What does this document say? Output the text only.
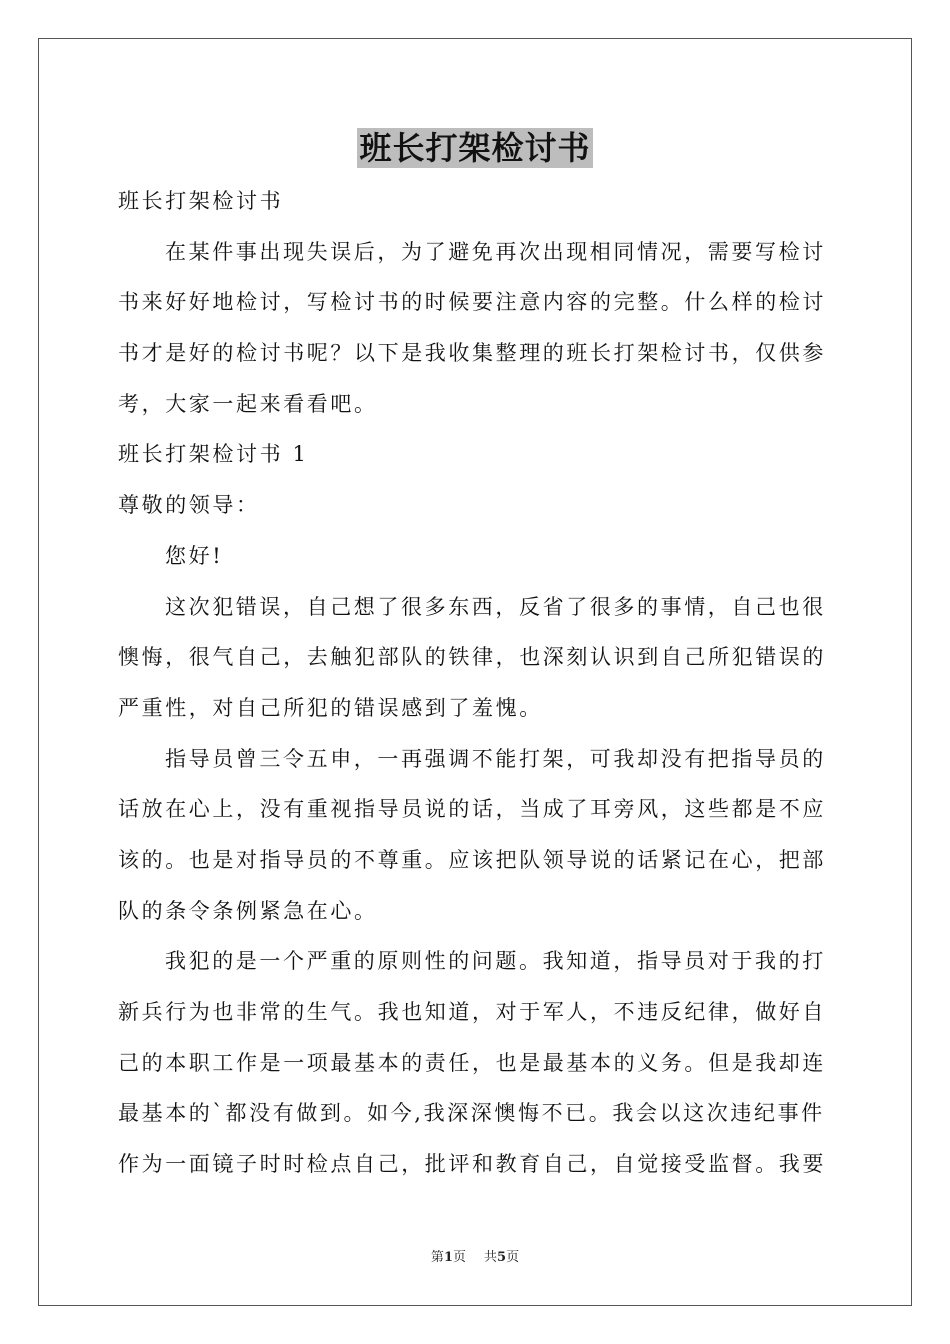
班长打架检讨书
班长打架检讨书
在某件事出现失误后，为了避免再次出现相同情况，需要写检讨
书来好好地检讨，写检讨书的时候要注意内容的完整。什么样的检讨
书才是好的检讨书呢？以下是我收集整理的班长打架检讨书，仅供参
考，大家一起来看看吧。
班长打架检讨书 1
尊敬的领导：
您好!
这次犯错误，自己想了很多东西，反省了很多的事情，自己也很
懊悔，很气自己，去触犯部队的铁律，也深刻认识到自己所犯错误的
严重性，对自己所犯的错误感到了羞愧。
指导员曾三令五申，一再强调不能打架，可我却没有把指导员的
话放在心上，没有重视指导员说的话，当成了耳旁风，这些都是不应
该的。也是对指导员的不尊重。应该把队领导说的话紧记在心，把部
队的条令条例紧急在心。
我犯的是一个严重的原则性的问题。我知道，指导员对于我的打
新兵行为也非常的生气。我也知道，对于军人，不违反纪律，做好自
己的本职工作是一项最基本的责任，也是最基本的义务。但是我却连
最基本的`都没有做到。如今,我深深懊悔不已。我会以这次违纪事件
作为一面镜子时时检点自己，批评和教育自己，自觉接受监督。我要
第1页 共5页
